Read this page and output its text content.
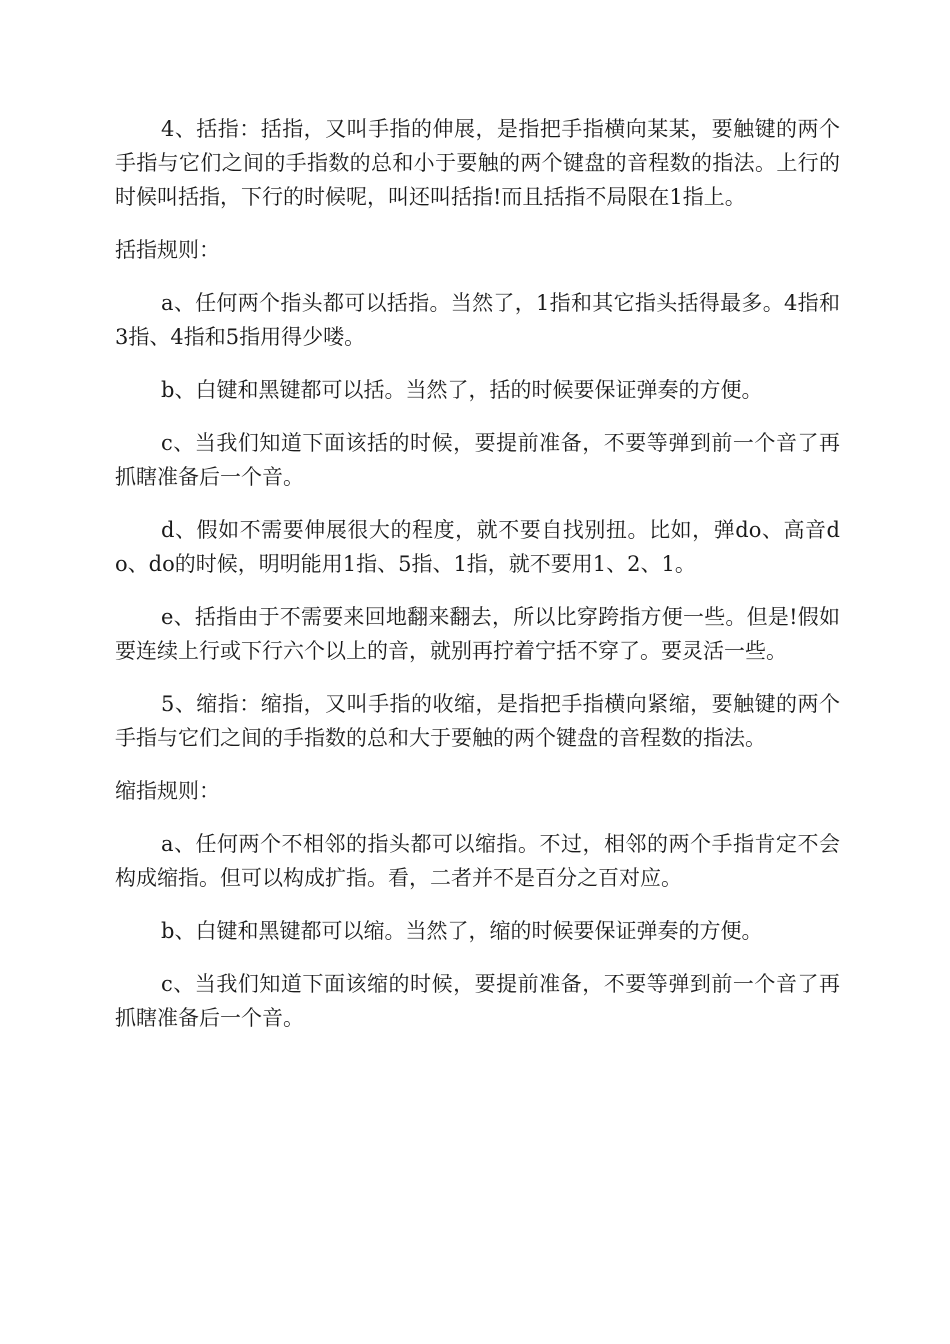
4、括指：括指，又叫手指的伸展，是指把手指横向某某，要触键的两个手指与它们之间的手指数的总和小于要触的两个键盘的音程数的指法。上行的时候叫括指，下行的时候呢，叫还叫括指!而且括指不局限在1指上。

括指规则：

a、任何两个指头都可以括指。当然了，1指和其它指头括得最多。4指和3指、4指和5指用得少喽。

b、白键和黑键都可以括。当然了，括的时候要保证弹奏的方便。

c、当我们知道下面该括的时候，要提前准备，不要等弹到前一个音了再抓瞎准备后一个音。

d、假如不需要伸展很大的程度，就不要自找别扭。比如，弹do、高音do、do的时候，明明能用1指、5指、1指，就不要用1、2、1。

e、括指由于不需要来回地翻来翻去，所以比穿跨指方便一些。但是!假如要连续上行或下行六个以上的音，就别再拧着宁括不穿了。要灵活一些。

5、缩指：缩指，又叫手指的收缩，是指把手指横向紧缩，要触键的两个手指与它们之间的手指数的总和大于要触的两个键盘的音程数的指法。

缩指规则：

a、任何两个不相邻的指头都可以缩指。不过，相邻的两个手指肯定不会构成缩指。但可以构成扩指。看，二者并不是百分之百对应。

b、白键和黑键都可以缩。当然了，缩的时候要保证弹奏的方便。

c、当我们知道下面该缩的时候，要提前准备，不要等弹到前一个音了再抓瞎准备后一个音。
